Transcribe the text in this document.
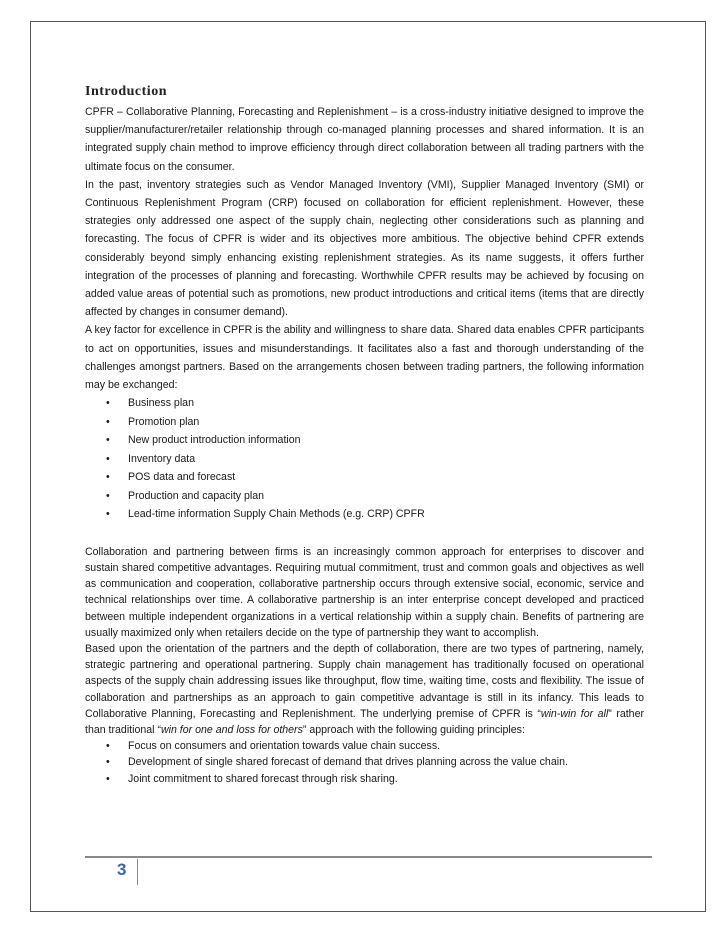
Introduction

CPFR – Collaborative Planning, Forecasting and Replenishment – is a cross-industry initiative designed to improve the supplier/manufacturer/retailer relationship through co-managed planning processes and shared information. It is an integrated supply chain method to improve efficiency through direct collaboration between all trading partners with the ultimate focus on the consumer.

In the past, inventory strategies such as Vendor Managed Inventory (VMI), Supplier Managed Inventory (SMI) or Continuous Replenishment Program (CRP) focused on collaboration for efficient replenishment. However, these strategies only addressed one aspect of the supply chain, neglecting other considerations such as planning and forecasting. The focus of CPFR is wider and its objectives more ambitious. The objective behind CPFR extends considerably beyond simply enhancing existing replenishment strategies. As its name suggests, it offers further integration of the processes of planning and forecasting. Worthwhile CPFR results may be achieved by focusing on added value areas of potential such as promotions, new product introductions and critical items (items that are directly affected by changes in consumer demand).

A key factor for excellence in CPFR is the ability and willingness to share data. Shared data enables CPFR participants to act on opportunities, issues and misunderstandings. It facilitates also a fast and thorough understanding of the challenges amongst partners. Based on the arrangements chosen between trading partners, the following information may be exchanged:

• Business plan
• Promotion plan
• New product introduction information
• Inventory data
• POS data and forecast
• Production and capacity plan
• Lead-time information Supply Chain Methods (e.g. CRP) CPFR

Collaboration and partnering between firms is an increasingly common approach for enterprises to discover and sustain shared competitive advantages. Requiring mutual commitment, trust and common goals and objectives as well as communication and cooperation, collaborative partnership occurs through extensive social, economic, service and technical relationships over time. A collaborative partnership is an inter enterprise concept developed and practiced between multiple independent organizations in a vertical relationship within a supply chain. Benefits of partnering are usually maximized only when retailers decide on the type of partnership they want to accomplish.

Based upon the orientation of the partners and the depth of collaboration, there are two types of partnering, namely, strategic partnering and operational partnering. Supply chain management has traditionally focused on operational aspects of the supply chain addressing issues like throughput, flow time, waiting time, costs and flexibility. The issue of collaboration and partnerships as an approach to gain competitive advantage is still in its infancy. This leads to Collaborative Planning, Forecasting and Replenishment. The underlying premise of CPFR is “win-win for all” rather than traditional “win for one and loss for others” approach with the following guiding principles:

• Focus on consumers and orientation towards value chain success.
• Development of single shared forecast of demand that drives planning across the value chain.
• Joint commitment to shared forecast through risk sharing.
3
